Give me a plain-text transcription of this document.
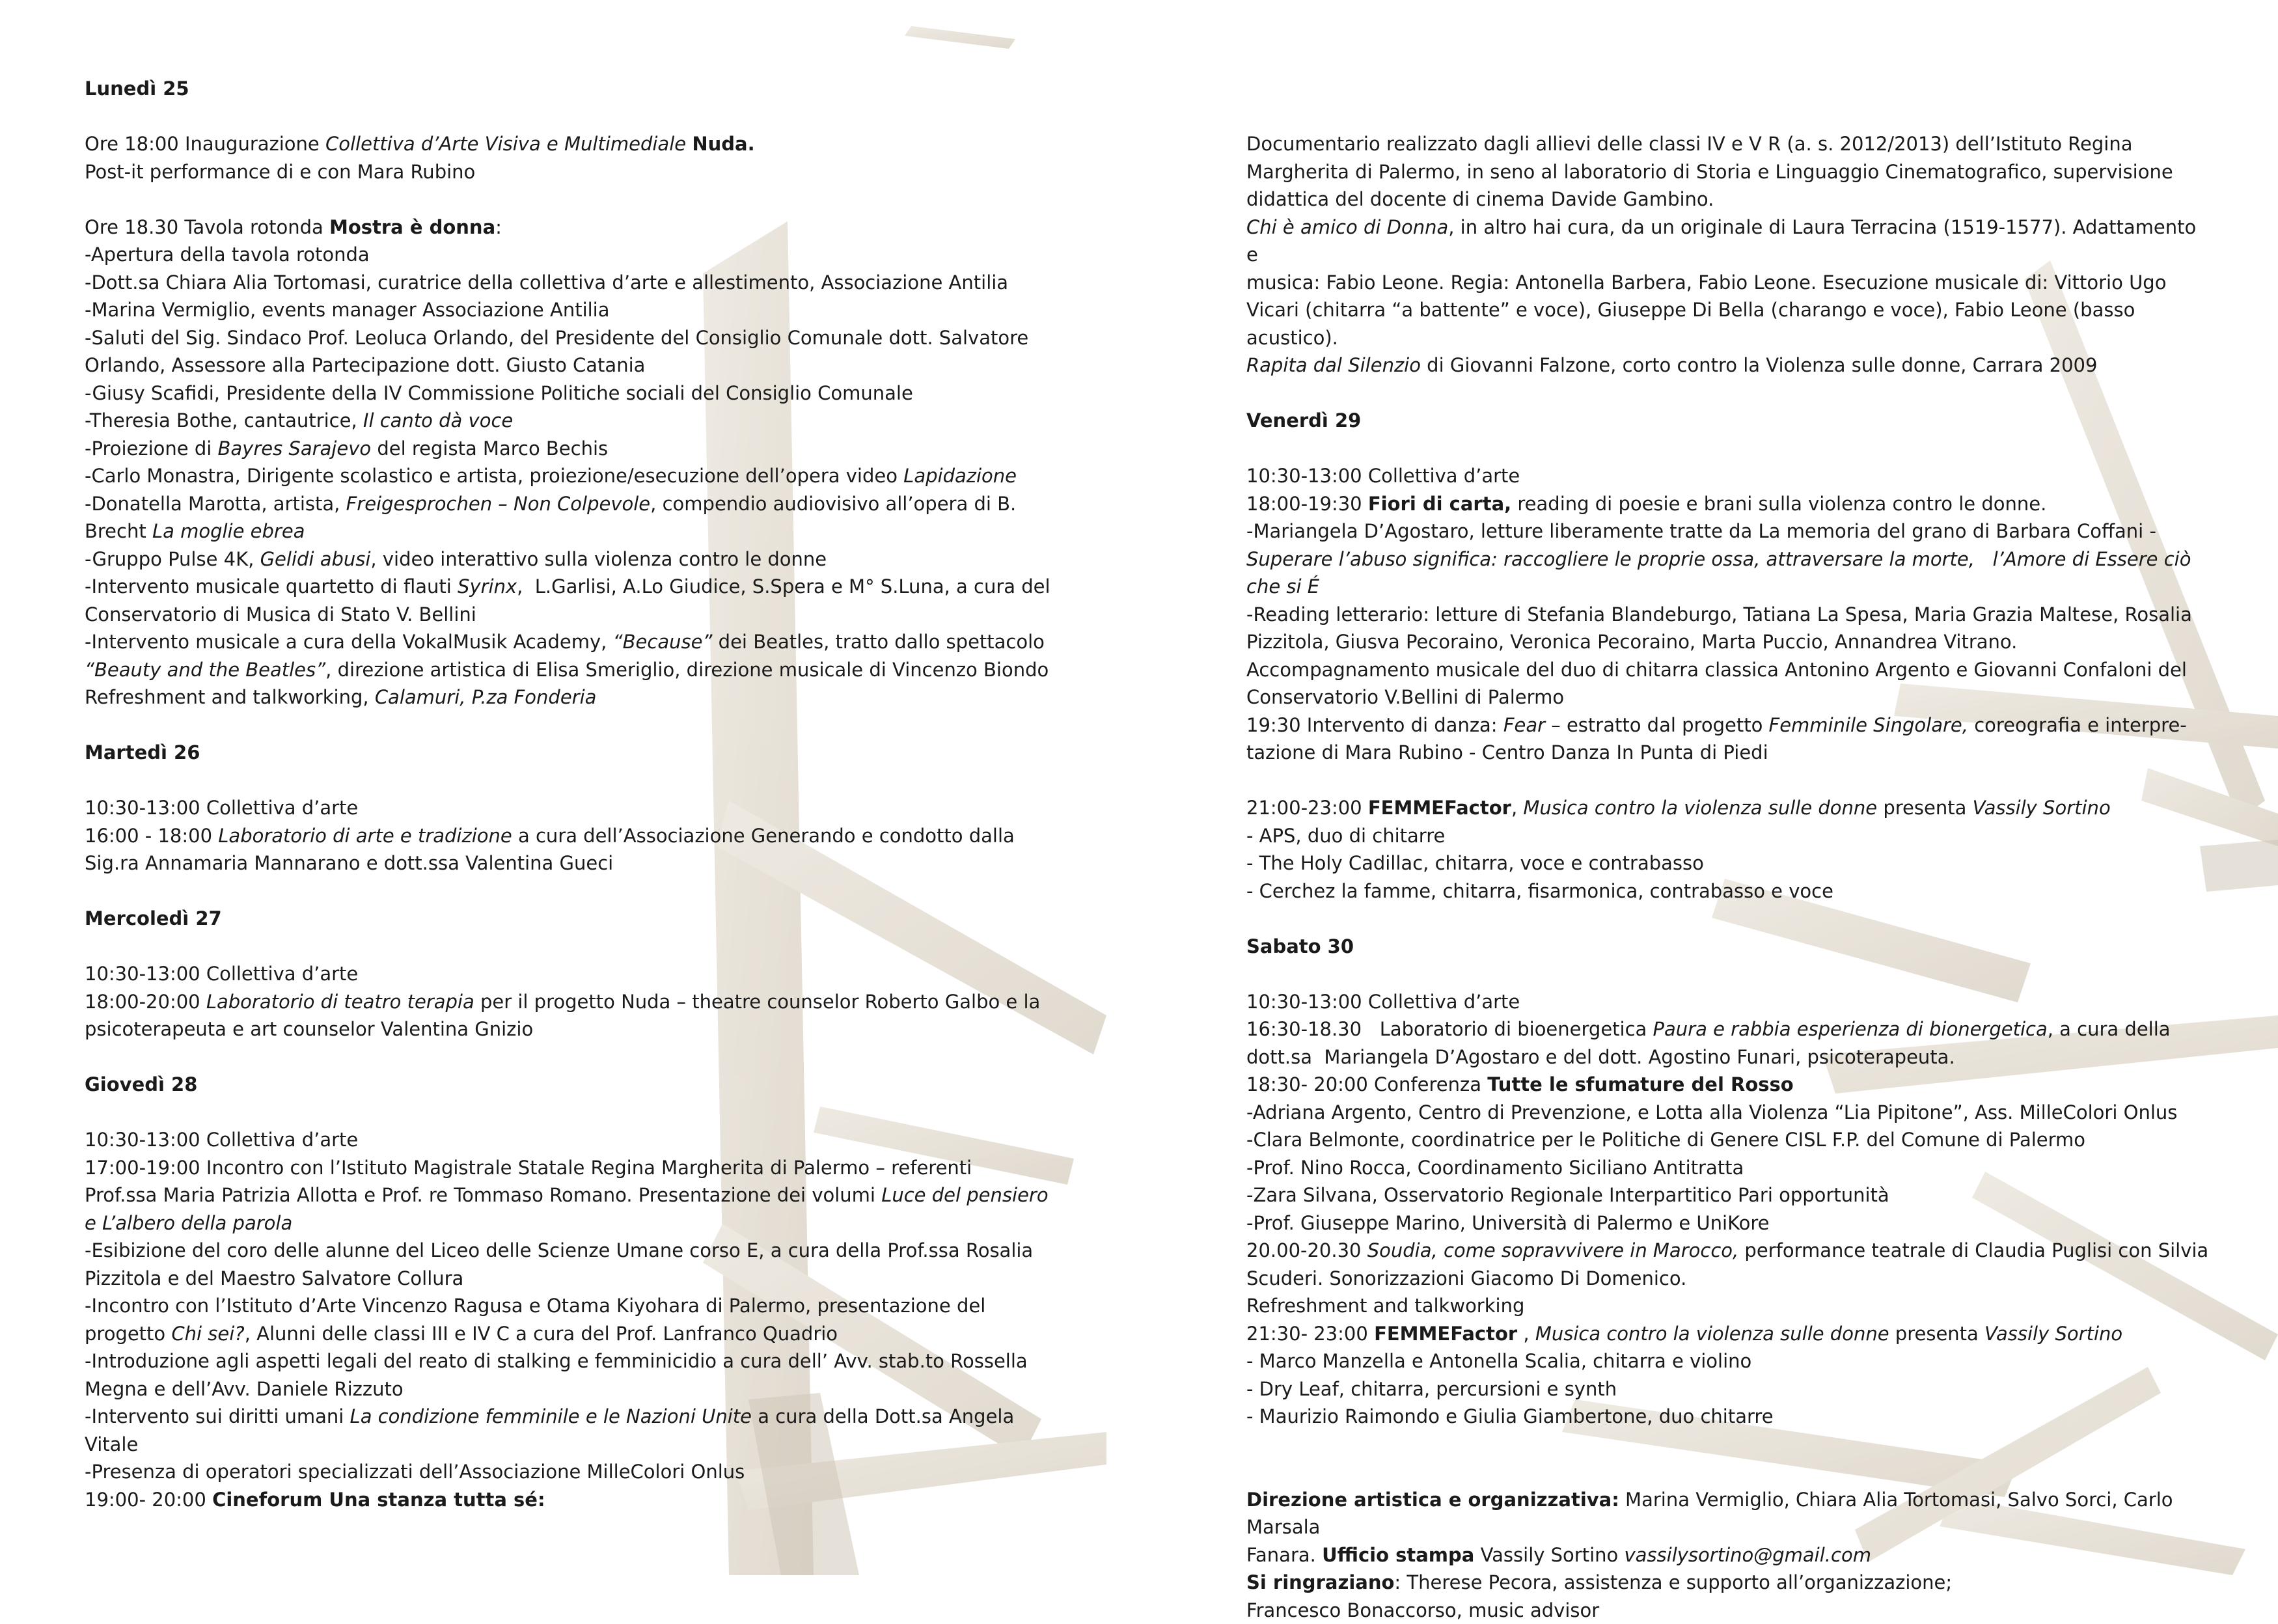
Lunedì 25
Ore 18:00 Inaugurazione Collettiva d’Arte Visiva e Multimediale Nuda.
Post-it performance di e con Mara Rubino
Ore 18.30 Tavola rotonda Mostra è donna:
-Apertura della tavola rotonda
-Dott.sa Chiara Alia Tortomasi, curatrice della collettiva d’arte e allestimento, Associazione Antilia
-Marina Vermiglio, events manager Associazione Antilia
-Saluti del Sig. Sindaco Prof. Leoluca Orlando, del Presidente del Consiglio Comunale dott. Salvatore
Orlando, Assessore alla Partecipazione dott. Giusto Catania
-Giusy Scafidi, Presidente della IV Commissione Politiche sociali del Consiglio Comunale
-Theresia Bothe, cantautrice, Il canto dà voce
-Proiezione di Bayres Sarajevo del regista Marco Bechis
-Carlo Monastra, Dirigente scolastico e artista, proiezione/esecuzione dell’opera video Lapidazione
-Donatella Marotta, artista, Freigesprochen – Non Colpevole, compendio audiovisivo all’opera di B.
Brecht La moglie ebrea
-Gruppo Pulse 4K, Gelidi abusi, video interattivo sulla violenza contro le donne
-Intervento musicale quartetto di flauti Syrinx,  L.Garlisi, A.Lo Giudice, S.Spera e M° S.Luna, a cura del
Conservatorio di Musica di Stato V. Bellini
-Intervento musicale a cura della VokalMusik Academy, “Because” dei Beatles, tratto dallo spettacolo
“Beauty and the Beatles”, direzione artistica di Elisa Smeriglio, direzione musicale di Vincenzo Biondo
Refreshment and talkworking, Calamuri, P.za Fonderia
Martedì 26
10:30-13:00 Collettiva d’arte
16:00 - 18:00 Laboratorio di arte e tradizione a cura dell’Associazione Generando e condotto dalla
Sig.ra Annamaria Mannarano e dott.ssa Valentina Gueci
Mercoledì 27
10:30-13:00 Collettiva d’arte
18:00-20:00 Laboratorio di teatro terapia per il progetto Nuda – theatre counselor Roberto Galbo e la
psicoterapeuta e art counselor Valentina Gnizio
Giovedì 28
10:30-13:00 Collettiva d’arte
17:00-19:00 Incontro con l’Istituto Magistrale Statale Regina Margherita di Palermo – referenti
Prof.ssa Maria Patrizia Allotta e Prof. re Tommaso Romano. Presentazione dei volumi Luce del pensiero
e L’albero della parola
-Esibizione del coro delle alunne del Liceo delle Scienze Umane corso E, a cura della Prof.ssa Rosalia
Pizzitola e del Maestro Salvatore Collura
-Incontro con l’Istituto d’Arte Vincenzo Ragusa e Otama Kiyohara di Palermo, presentazione del
progetto Chi sei?, Alunni delle classi III e IV C a cura del Prof. Lanfranco Quadrio
-Introduzione agli aspetti legali del reato di stalking e femminicidio a cura dell’ Avv. stab.to Rossella
Megna e dell’Avv. Daniele Rizzuto
-Intervento sui diritti umani La condizione femminile e le Nazioni Unite a cura della Dott.sa Angela
Vitale
-Presenza di operatori specializzati dell’Associazione MilleColori Onlus
19:00- 20:00 Cineforum Una stanza tutta sé:
Documentario realizzato dagli allievi delle classi IV e V R (a. s. 2012/2013) dell’Istituto Regina
Margherita di Palermo, in seno al laboratorio di Storia e Linguaggio Cinematografico, supervisione
didattica del docente di cinema Davide Gambino.
Chi è amico di Donna, in altro hai cura, da un originale di Laura Terracina (1519-1577). Adattamento e
musica: Fabio Leone. Regia: Antonella Barbera, Fabio Leone. Esecuzione musicale di: Vittorio Ugo
Vicari (chitarra “a battente” e voce), Giuseppe Di Bella (charango e voce), Fabio Leone (basso
acustico).
Rapita dal Silenzio di Giovanni Falzone, corto contro la Violenza sulle donne, Carrara 2009
Venerdì 29
10:30-13:00 Collettiva d’arte
18:00-19:30 Fiori di carta, reading di poesie e brani sulla violenza contro le donne.
-Mariangela D’Agostaro, letture liberamente tratte da La memoria del grano di Barbara Coffani -
Superare l’abuso significa: raccogliere le proprie ossa, attraversare la morte,   l’Amore di Essere ciò che si É
-Reading letterario: letture di Stefania Blandeburgo, Tatiana La Spesa, Maria Grazia Maltese, Rosalia
Pizzitola, Giusva Pecoraino, Veronica Pecoraino, Marta Puccio, Annandrea Vitrano.
Accompagnamento musicale del duo di chitarra classica Antonino Argento e Giovanni Confaloni del
Conservatorio V.Bellini di Palermo
19:30 Intervento di danza: Fear – estratto dal progetto Femminile Singolare, coreografia e interpre-
tazione di Mara Rubino - Centro Danza In Punta di Piedi
21:00-23:00 FEMMEFactor, Musica contro la violenza sulle donne presenta Vassily Sortino
- APS, duo di chitarre
- The Holy Cadillac, chitarra, voce e contrabasso
- Cerchez la famme, chitarra, fisarmonica, contrabasso e voce
Sabato 30
10:30-13:00 Collettiva d’arte
16:30-18.30   Laboratorio di bioenergetica Paura e rabbia esperienza di bionergetica, a cura della
dott.sa  Mariangela D’Agostaro e del dott. Agostino Funari, psicoterapeuta.
18:30- 20:00 Conferenza Tutte le sfumature del Rosso
-Adriana Argento, Centro di Prevenzione, e Lotta alla Violenza “Lia Pipitone”, Ass. MilleColori Onlus
-Clara Belmonte, coordinatrice per le Politiche di Genere CISL F.P. del Comune di Palermo
-Prof. Nino Rocca, Coordinamento Siciliano Antitratta
-Zara Silvana, Osservatorio Regionale Interpartitico Pari opportunità
-Prof. Giuseppe Marino, Università di Palermo e UniKore
20.00-20.30 Soudia, come sopravvivere in Marocco, performance teatrale di Claudia Puglisi con Silvia
Scuderi. Sonorizzazioni Giacomo Di Domenico.
Refreshment and talkworking
21:30- 23:00 FEMMEFactor , Musica contro la violenza sulle donne presenta Vassily Sortino
- Marco Manzella e Antonella Scalia, chitarra e violino
- Dry Leaf, chitarra, percursioni e synth
- Maurizio Raimondo e Giulia Giambertone, duo chitarre
Direzione artistica e organizzativa: Marina Vermiglio, Chiara Alia Tortomasi, Salvo Sorci, Carlo Marsala
Fanara. Ufficio stampa Vassily Sortino vassilysortino@gmail.com
Si ringraziano: Therese Pecora, assistenza e supporto all’organizzazione;
Francesco Bonaccorso, music advisor
